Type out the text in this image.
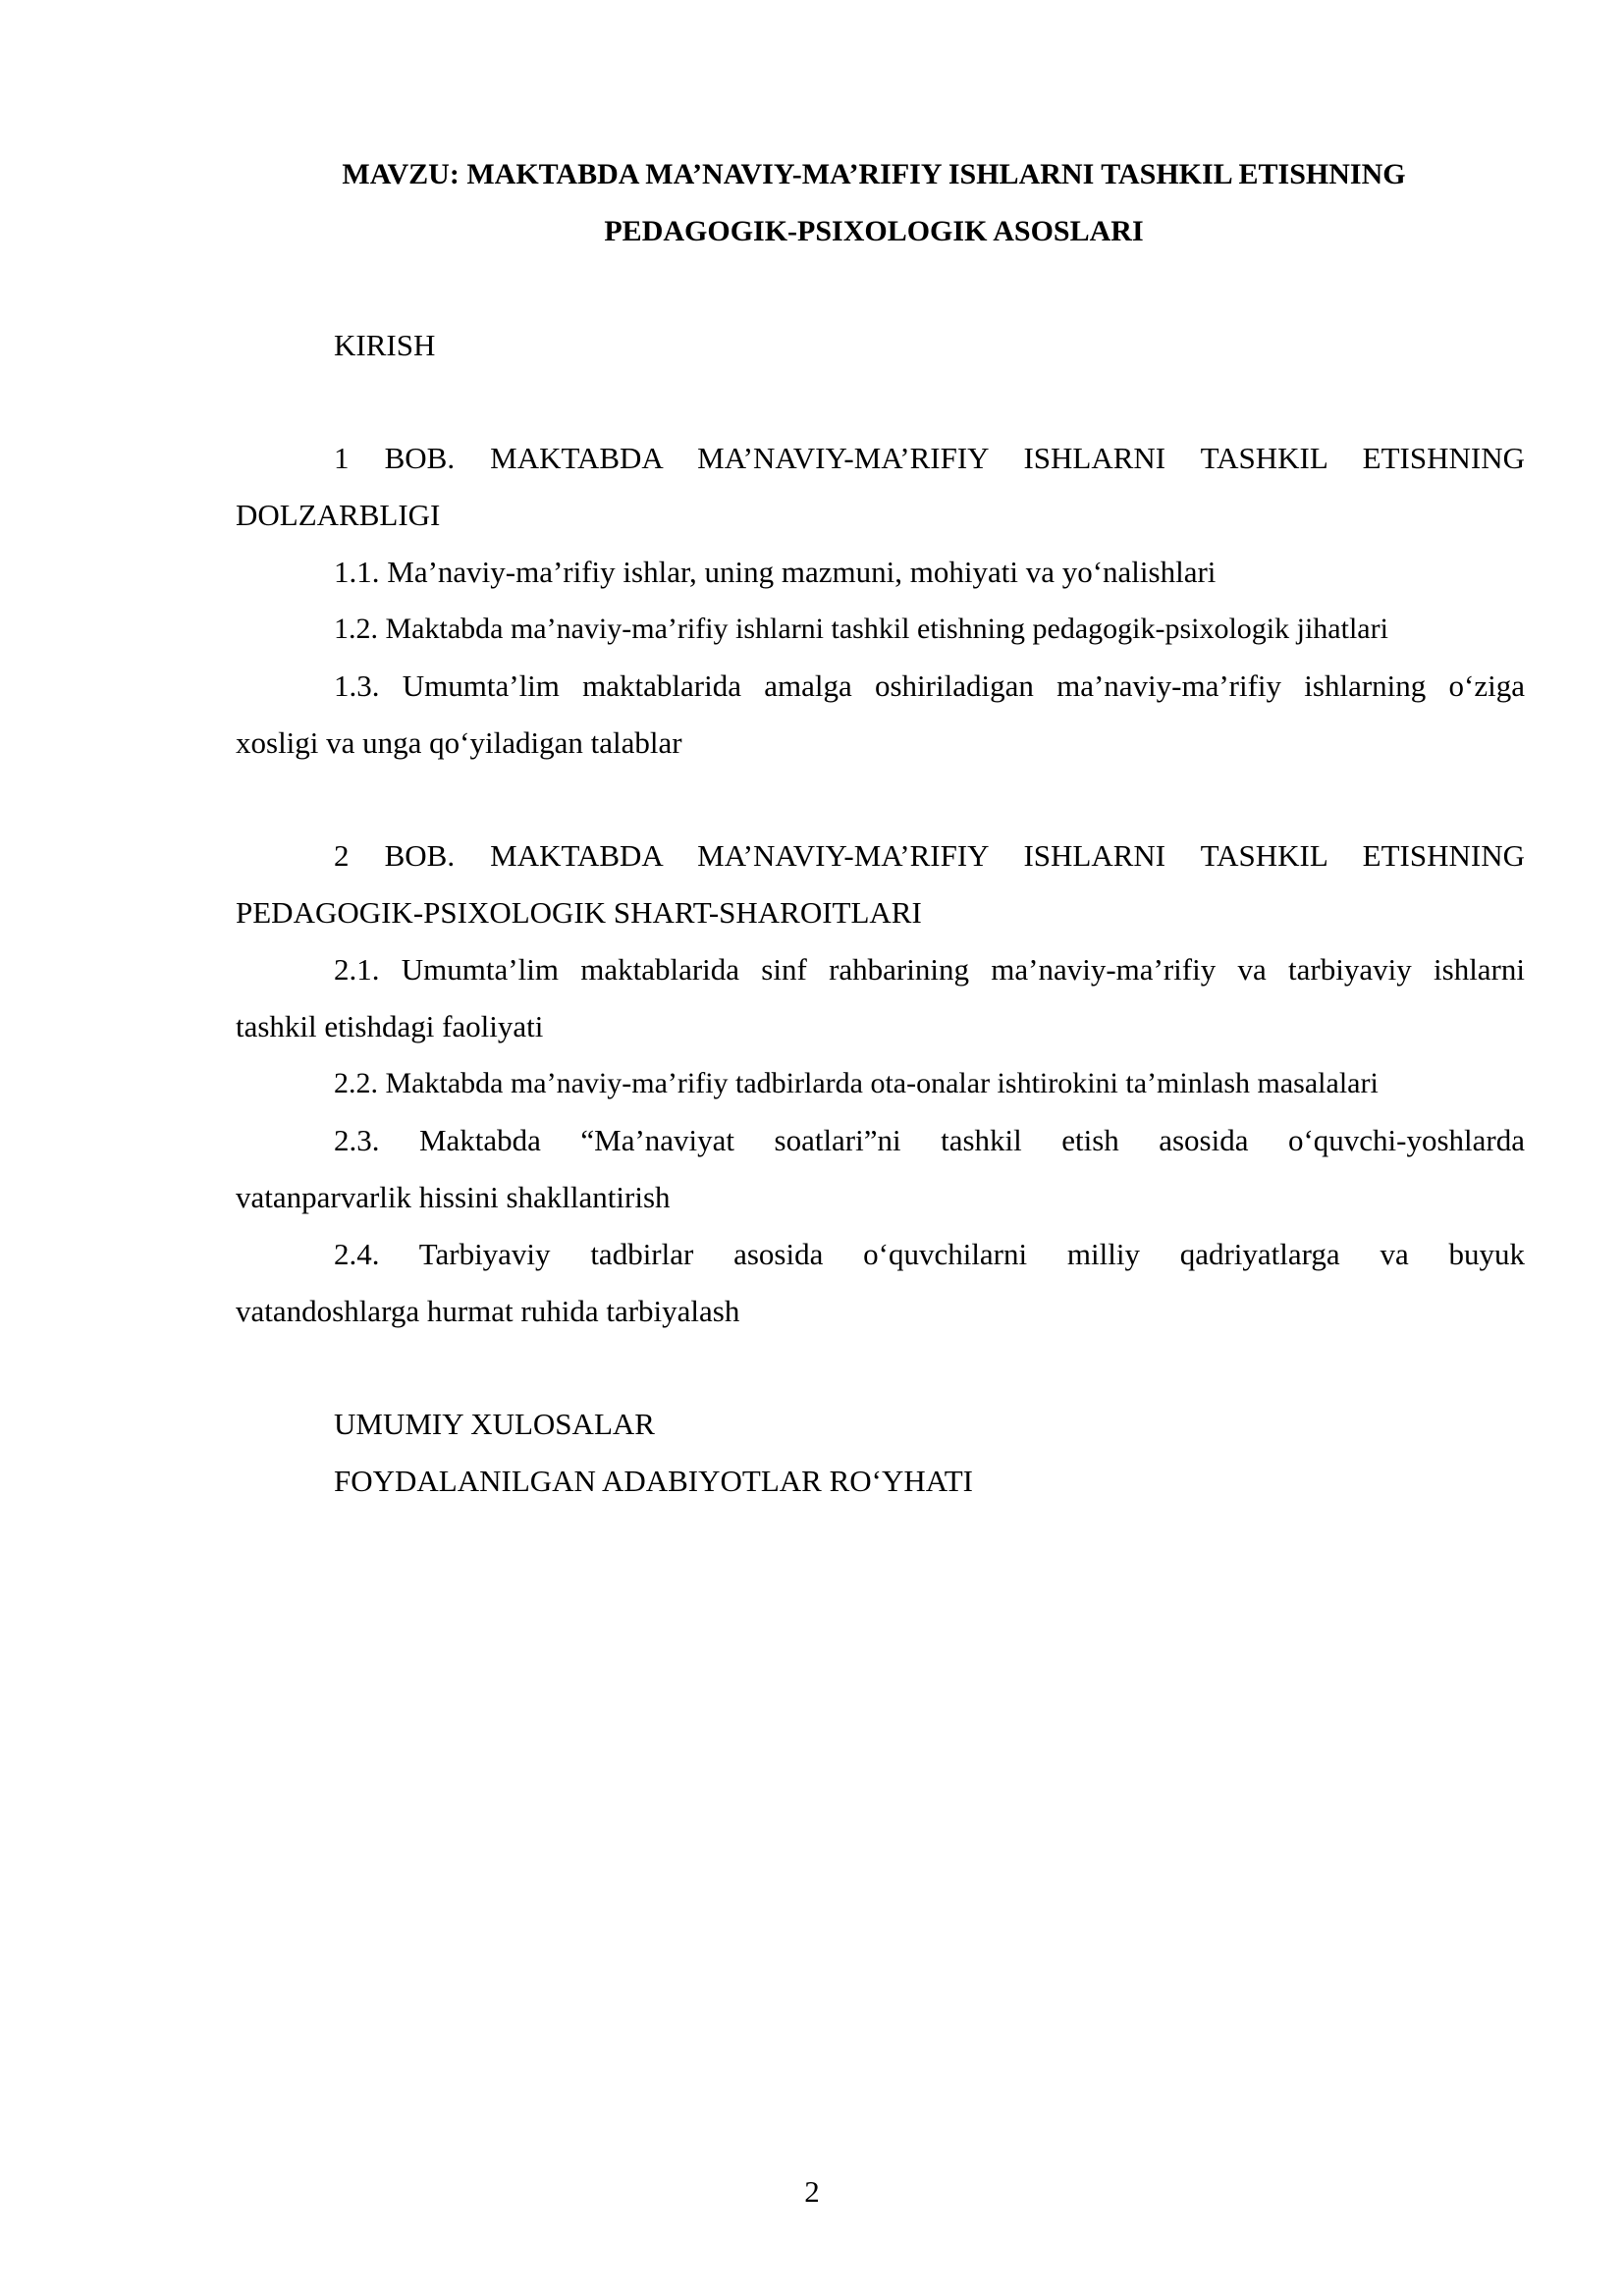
MAVZU: MAKTABDA MA’NAVIY-MA’RIFIY ISHLARNI TASHKIL ETISHNING
PEDAGOGIK-PSIXOLOGIK ASOSLARI
KIRISH
1 BOB. MAKTABDA MA’NAVIY-MA’RIFIY ISHLARNI TASHKIL ETISHNING
DOLZARBLIGI
1.1. Ma’naviy-ma’rifiy ishlar, uning mazmuni, mohiyati va yo‘nalishlari
1.2. Maktabda ma’naviy-ma’rifiy ishlarni tashkil etishning pedagogik-psixologik jihatlari
1.3. Umumta’lim maktablarida amalga oshiriladigan ma’naviy-ma’rifiy ishlarning o‘ziga
xosligi va unga qo‘yiladigan talablar
2 BOB. MAKTABDA MA’NAVIY-MA’RIFIY ISHLARNI TASHKIL ETISHNING
PEDAGOGIK-PSIXOLOGIK SHART-SHAROITLARI
2.1. Umumta’lim maktablarida sinf rahbarining ma’naviy-ma’rifiy va tarbiyaviy ishlarni
tashkil etishdagi faoliyati
2.2. Maktabda ma’naviy-ma’rifiy tadbirlarda ota-onalar ishtirokini ta’minlash masalalari
2.3. Maktabda “Ma’naviyat soatlari”ni tashkil etish asosida o‘quvchi-yoshlarda
vatanparvarlik hissini shakllantirish
2.4. Tarbiyaviy tadbirlar asosida o‘quvchilarni milliy qadriyatlarga va buyuk
vatandoshlarga hurmat ruhida tarbiyalash
UMUMIY XULOSALAR
FOYDALANILGAN ADABIYOTLAR RO‘YHATI
2
